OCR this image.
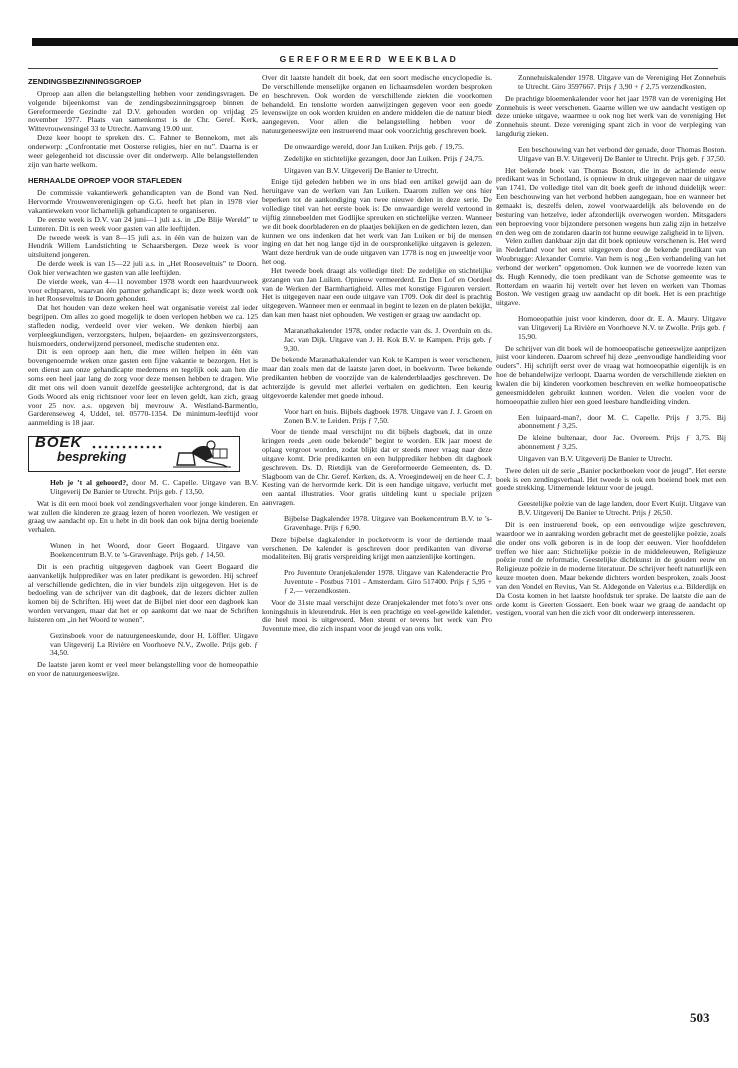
GEREFORMEERD WEEKBLAD
ZENDINGSBEZINNINGSGROEP

Oproep aan allen die belangstelling hebben voor zendingsvragen. De volgende bijeenkomst van de zendingsbezinningsgroep binnen de Gereformeerde Gezindte zal D.V. gehouden worden op vrijdag 25 november 1977. Plaats van samenkomst is de Chr. Geref. Kerk, Wittevrouwensingel 33 te Utrecht. Aanvang 19.00 uur.

Deze keer hoopt te spreken drs. C. Fahner te Bennekom, met als onderwerp: „Confrontatie met Oosterse religies, hier en nu”. Daarna is er weer gelegenheid tot discussie over dit onderwerp. Alle belangstellenden zijn van harte welkom.

HERHAALDE OPROEP VOOR STAFLEDEN

De commissie vakantiewerk gehandicapten van de Bond van Ned. Hervormde Vrouwenverenigingen op G.G. heeft het plan in 1978 vier vakantieweken voor lichamelijk gehandicapten te organiseren.

De eerste week is D.V. van 24 juni—1 juli a.s. in „De Blije Wereld” te Lunteren. Dit is een week voor gasten van alle leeftijden.

De tweede week is van 8—15 juli a.s. in één van de huizen van de Hendrik Willem Landstichting te Schaarsbergen. Deze week is voor uitsluitend jongeren.

De derde week is van 15—22 juli a.s. in „Het Rooseveltuis” te Doorn. Ook hier verwachten we gasten van alle leeftijden.

De vierde week, van 4—11 november 1978 wordt een haardvuurweek voor echtparen, waarvan één partner gehandicapt is; deze week wordt ook in het Rooseveltuis te Doorn gehouden.

Dat het houden van deze weken heel wat organisatie vereist zal ieder begrijpen. Om alles zo goed mogelijk te doen verlopen hebben we ca. 125 stafleden nodig, verdeeld over vier weken. We denken hierbij aan verpleegkundigen, verzorgsters, hulpen, bejaarden- en gezinsverzorgsters, huismoeders, onderwijzend personeel, medische studenten enz.

Dit is een oproep aan hen, die mee willen helpen in één van bovengenoemde weken onze gasten een fijne vakantie te bezorgen. Het is een dienst aan onze gehandicapte medemens en tegelijk ook aan hen die soms een heel jaar lang de zorg voor deze mensen hebben te dragen. Wie dit met ons wil doen vanuit dezelfde geestelijke achtergrond, dat is dat Gods Woord als enig richtsnoer voor leer en leven geldt, kan zich, graag voor 25 nov. a.s. opgeven bij mevrouw A. Westland-Barmentlo, Garderenseweg 4, Uddel, tel. 05770-1354. De minimum-leeftijd voor aanmelding is 18 jaar.

BOEK
bespreking

Heb je ’t al gehoord?, door M. C. Capelle. Uitgave van B.V. Uitgeverij De Banier te Utrecht. Prijs geb. ƒ 13,50.

Wat is dit een mooi boek vol zendingsverhalen voor jonge kinderen. En wat zullen die kinderen ze graag lezen of horen voorlezen. We vestigen er graag uw aandacht op. En u hebt in dit boek dan ook bijna dertig boeiende verhalen.

Wonen in het Woord, door Geert Bogaard. Uitgave van Boekencentrum B.V. te ’s-Gravenhage. Prijs geb. ƒ 14,50.

Dit is een prachtig uitgegeven dagboek van Geert Bogaard die aanvankelijk hulpprediker was en later predikant is geworden. Hij schreef al verschillende gedichten, die in vier bundels zijn uitgegeven. Het is de bedoeling van de schrijver van dit dagboek, dat de lezers dichter zullen komen bij de Schriften. Hij weet dat de Bijbel niet door een dagboek kan worden vervangen, maar dat het er op aankomt dat we naar de Schriften luisteren om „in het Woord te wonen”.

Gezinsboek voor de natuurgeneeskunde, door H. Löffler. Uitgave van Uitgeverij La Rivière en Voorhoeve N.V., Zwolle. Prijs geb. ƒ 34,50.

De laatste jaren komt er veel meer belangstelling voor de homeopathie en voor de natuurgeneeswijze.

Over dit laatste handelt dit boek, dat een soort medische encyclopedie is. De verschillende menselijke organen en lichaamsdelen worden besproken en beschreven. Ook worden de verschillende ziekten die voorkomen behandeld. En tenslotte worden aanwijzingen gegeven voor een goede levenswijze en ook worden kruiden en andere middelen die de natuur biedt aangegeven. Voor allen die belangstelling hebben voor de natuurgeneeswijze een instruerend maar ook voorzichtig geschreven boek.

De onwaardige wereld, door Jan Luiken. Prijs geb. ƒ 19,75.

Zedelijke en stichtelijke gezangen, door Jan Luiken. Prijs ƒ 24,75.

Uitgaven van B.V. Uitgeverij De Banier te Utrecht.

Enige tijd geleden hebben we in ons blad een artikel gewijd aan de heruitgave van de werken van Jan Luiken. Daarom zullen we ons hier beperken tot de aankondiging van twee nieuwe delen in deze serie. De volledige titel van het eerste boek is: De onwaardige wereld vertoond in vijftig zinnebeelden met Godlijke spreuken en stichtelijke verzen. Wanneer we dit boek doorbladeren en de plaatjes bekijken en de gedichten lezen, dan kunnen we ons indenken dat het werk van Jan Luiken er bij de mensen inging en dat het nog lange tijd in de oorspronkelijke uitgaven is gelezen. Want deze herdruk van de oude uitgaven van 1778 is nog en juweeltje voor het oog.

Het tweede boek draagt als volledige titel: De zedelijke en stichtelijke gezangen van Jan Luiken. Opnieuw vermeerderd. En Den Lof en Oordeel van de Werken der Barmhartigheid. Alles met konstige Figuuren versiert. Het is uitgegeven naar een oude uitgave van 1709. Ook dit deel is prachtig uitgegeven. Wanneer men er eenmaal in begint te lezen en de platen bekijkt, dan kan men haast niet ophouden. We vestigen er graag uw aandacht op.

Maranathakalender 1978, onder redactie van ds. J. Overduin en ds. Jac. van Dijk. Uitgave van J. H. Kok B.V. te Kampen. Prijs geb. ƒ 9,30.

De bekende Maranathakalender van Kok te Kampen is weer verschenen, maar dan zoals men dat de laatste jaren doet, in boekvorm. Twee bekende predikanten hebben de voorzijde van de kalenderblaadjes geschreven. De achterzijde is gevuld met allerlei verhalen en gedichten. Een keurig uitgevoerde kalender met goede inhoud.

Voor hart en huis. Bijbels dagboek 1978. Uitgave van J. J. Groen en Zonen B.V. te Leiden. Prijs ƒ 7,50.

Voor de tiende maal verschijnt nu dit bijbels dagboek, dat in onze kringen reeds „een oude bekende” begint te worden. Elk jaar moest de oplaag vergroot worden, zodat blijkt dat er steeds meer vraag naar deze uitgave komt. Drie predikanten en een hulpprediker hebben dit dagboek geschreven. Ds. D. Rietdijk van de Gereformeerde Gemeenten, ds. D. Slagboom van de Chr. Geref. Kerken, ds. A. Vroegindeweij en de heer C. J. Kesting van de hervormde kerk. Dit is een handige uitgave, verlucht met een aantal illustraties. Voor gratis uitdeling kunt u speciale prijzen aanvragen.

Bijbelse Dagkalender 1978. Uitgave van Boekencentrum B.V. te ’s-Gravenhage. Prijs ƒ 6,90.

Deze bijbelse dagkalender in pocketvorm is voor de dertiende maal verschenen. De kalender is geschreven door predikanten van diverse modaliteiten. Bij gratis verspreiding krijgt men aanzienlijke kortingen.

Pro Juventute Oranjekalender 1978. Uitgave van Kalenderactie Pro Juventute - Postbus 7101 - Amsterdam. Giro 517400. Prijs ƒ 5,95 + ƒ 2,— verzendkosten.

Voor de 31ste maal verschijnt deze Oranjekalender met foto’s over ons koningshuis in kleurendruk. Het is een prachtige en veel-gewilde kalender, die heel mooi is uitgevoerd. Men steunt er tevens het werk van Pro Juventute mee, die zich inspant voor de jeugd van ons volk.

Zonnehuiskalender 1978. Uitgave van de Vereniging Het Zonnehuis te Utrecht. Giro 3597667. Prijs ƒ 3,90 + ƒ 2,75 verzendkosten.

De prachtige bloemenkalender voor het jaar 1978 van de vereniging Het Zonnehuis is weer verschenen. Gaarne willen we uw aandacht vestigen op deze unieke uitgave, waarmee u ook nog het werk van de vereniging Het Zonnehuis steunt. Deze vereniging spant zich in voor de verpleging van langdurig zieken.

Een beschouwing van het verbond der genade, door Thomas Boston. Uitgave van B.V. Uitgeverij De Banier te Utrecht. Prijs geb. ƒ 37,50.

Het bekende boek van Thomas Boston, die in de achttiende eeuw predikant was in Schotland, is opnieuw in druk uitgegeven naar de uitgave van 1741. De volledige titel van dit boek geeft de inhoud duidelijk weer: Een beschouwing van het verbond hebben aangegaan, hoe en wanneer het gemaakt is, deszelfs delen, zowel voorwaardelijk als belovende en de besturing van hetzelve, ieder afzonderlijk overwogen worden. Mitsgaders een beproeving voor bijzondere personen wegens hun zalig zijn in hetzelve en den weg om de zondaren daarin tot hunne eeuwige zaligheid in te lijven.

Velen zullen dankbaar zijn dat dit boek opnieuw verschenen is. Het werd in Nederland voor het eerst uitgegeven door de bekende predikant van Woubrugge: Alexander Comrie. Van hem is nog „Een verhandeling van het verbond der werken” opgenomen. Ook kunnen we de voorrede lezen van ds. Hugh Kennedy, die toen predikant van de Schotse gemeente was te Rotterdam en waarin hij vertelt over het leven en werken van Thomas Boston. We vestigen graag uw aandacht op dit boek. Het is een prachtige uitgave.

Homoeopathie juist voor kinderen, door dr. E. A. Maury. Uitgave van Uitgeverij La Rivière en Voorhoeve N.V. te Zwolle. Prijs geb. ƒ 15,90.

De schrijver van dit boek wil de homoeopatische geneeswijze aanprijzen juist voor kinderen. Daarom schreef hij deze „eenvoudige handleiding voor ouders”. Hij schrijft eerst over de vraag wat homoeopathie eigenlijk is en hoe de behandelwijze verloopt. Daarna worden de verschillende ziekten en kwalen die bij kinderen voorkomen beschreven en welke homoeopatische geneesmiddelen gebruikt kunnen worden. Velen die voelen voor de homoeopathie zullen hier een goed leesbare handleiding vinden.

Een luipaard-man?, door M. C. Capelle. Prijs ƒ 3,75. Bij abonnement ƒ 3,25.

De kleine bultenaar, door Jac. Overeem. Prijs ƒ 3,75. Bij abonnement ƒ 3,25.

Uitgaven van B.V. Uitgeverij De Banier te Utrecht.

Twee delen uit de serie „Banier pocketboeken voor de jeugd”. Het eerste boek is een zendingsverhaal. Het tweede is ook een boeiend boek met een goede strekking. Uitnemende lektuur voor de jeugd.

Geestelijke poëzie van de lage landen, door Evert Kuijt. Uitgave van B.V. Uitgeverij De Banier te Utrecht. Prijs ƒ 26,50.

Dit is een instruerend boek, op een eenvoudige wijze geschreven, waardoor we in aanraking worden gebracht met de geestelijke poëzie, zoals die onder ons volk geboren is in de loop der eeuwen. Vier hoofddelen treffen we hier aan: Stichtelijke poëzie in de middeleeuwen, Religieuze poëzie rond de reformatie, Geestelijke dichtkunst in de gouden eeuw en Religieuze poëzie in de moderne literatuur. De schrijver heeft natuurlijk een keuze moeten doen. Maar bekende dichters worden besproken, zoals Joost van den Vondel en Revius, Van St. Aldegonde en Valerius e.a. Bilderdijk en Da Costa komen in het laatste hoofdstuk ter sprake. De laatste die aan de orde komt is Geerten Gossaert. Een boek waar we graag de aandacht op vestigen, vooral van hen die zich voor dit onderwerp interesseren.

503
